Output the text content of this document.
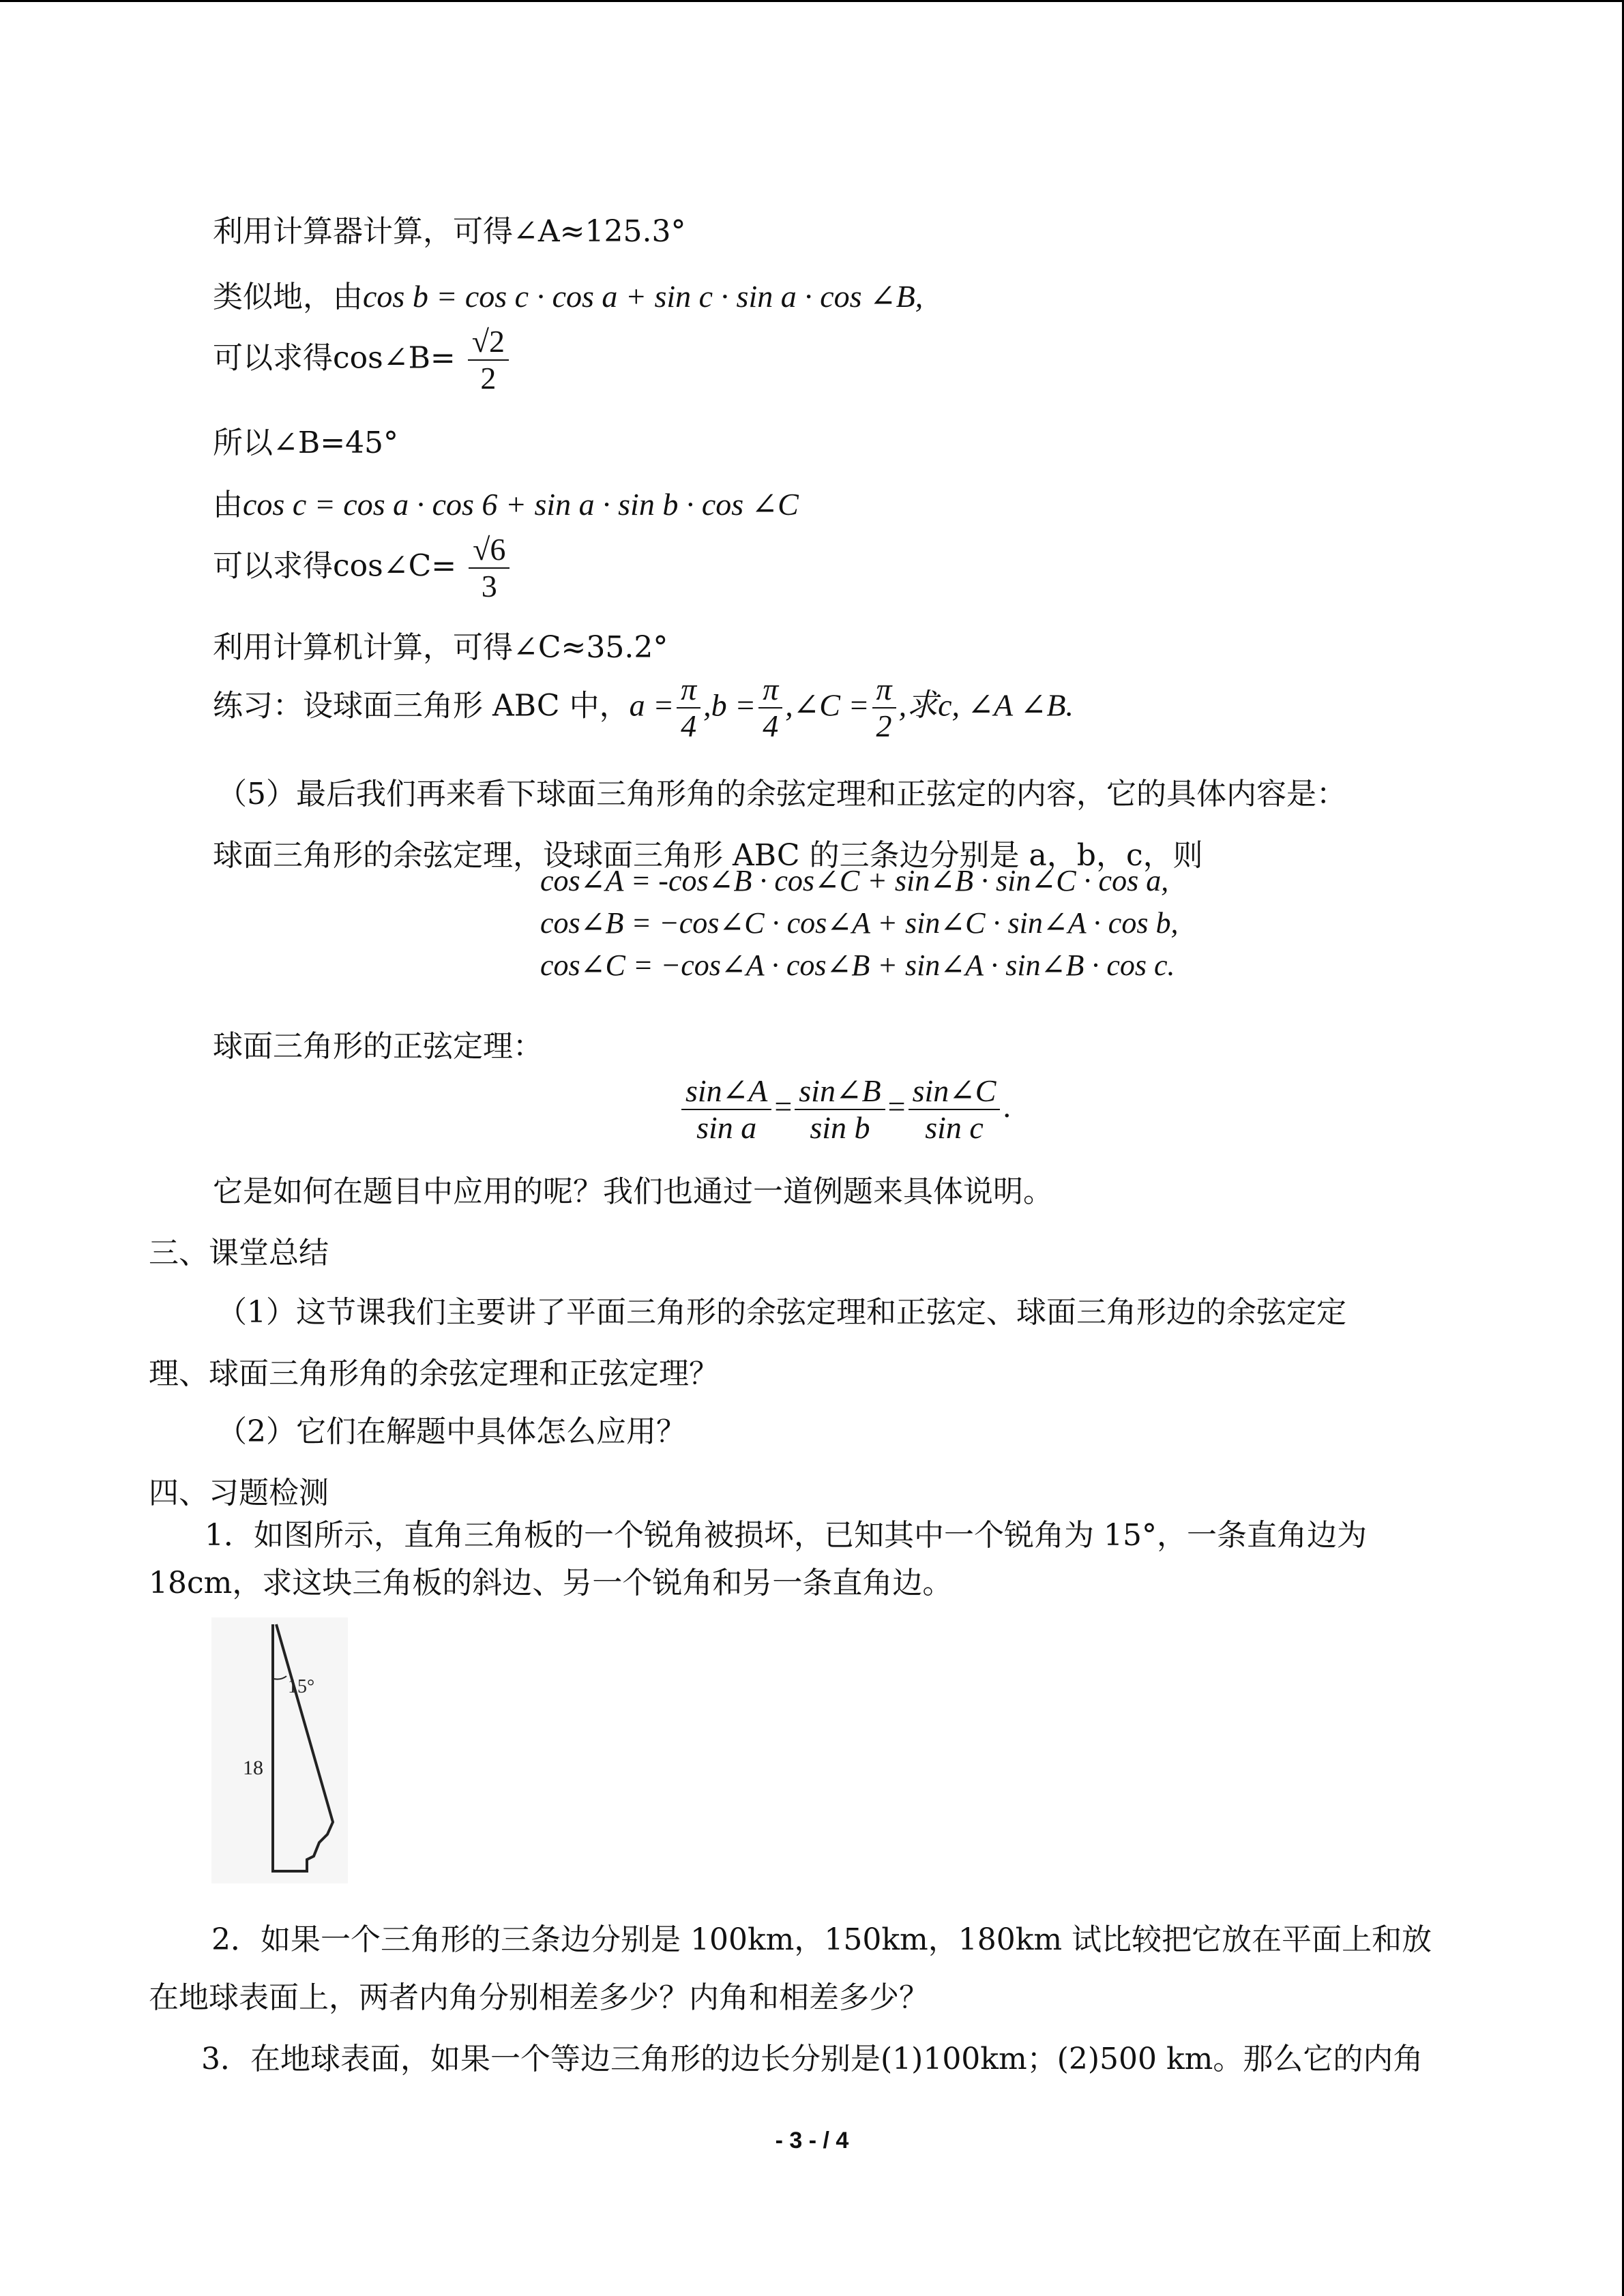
利用计算器计算，可得∠A≈125.3°
类似地，由cos b = cos c · cos a + sin c · sin a · cos ∠B,
可以求得cos∠B= $\frac{√2}{2}$
所以∠B=45°
由cos c = cos a · cos 6 + sin a · sin b · cos ∠C
可以求得cos∠C= $\frac{√6}{3}$
利用计算机计算，可得∠C≈35.2°
练习：设球面三角形 ABC 中，$a = \frac{\pi}{4} ,b = \frac{\pi}{4}$ ,∠C = $\frac{\pi}{2}$ ,求c, ∠A ∠B.
（5）最后我们再来看下球面三角形角的余弦定理和正弦定的内容，它的具体内容是：
球面三角形的余弦定理，设球面三角形 ABC 的三条边分别是 a，b，c，则
cos∠A = -cos∠B · cos∠C + sin∠B · sin∠C · cos a,
cos∠B = −cos∠C · cos∠A + sin∠C · sin∠A · cos b,
cos∠C = −cos∠A · cos∠B + sin∠A · sin∠B · cos c.
球面三角形的正弦定理：
$\frac{\sin\angle A}{\text{sin a}} = \frac{\sin\angle B}{\text{sin b}} = \frac{\sin\angle C}{\text{sin c}}$ .
它是如何在题目中应用的呢？我们也通过一道例题来具体说明。
三、课堂总结
（1）这节课我们主要讲了平面三角形的余弦定理和正弦定、球面三角形边的余弦定定
理、球面三角形角的余弦定理和正弦定理？
（2）它们在解题中具体怎么应用？
四、习题检测
1．如图所示，直角三角板的一个锐角被损坏，已知其中一个锐角为 15°，一条直角边为
18cm，求这块三角板的斜边、另一个锐角和另一条直角边。
15°
18
2．如果一个三角形的三条边分别是 100km，150km，180km 试比较把它放在平面上和放
在地球表面上，两者内角分别相差多少？内角和相差多少？
3．在地球表面，如果一个等边三角形的边长分别是(1)100km；(2)500 km。那么它的内角
- 3 - / 4
